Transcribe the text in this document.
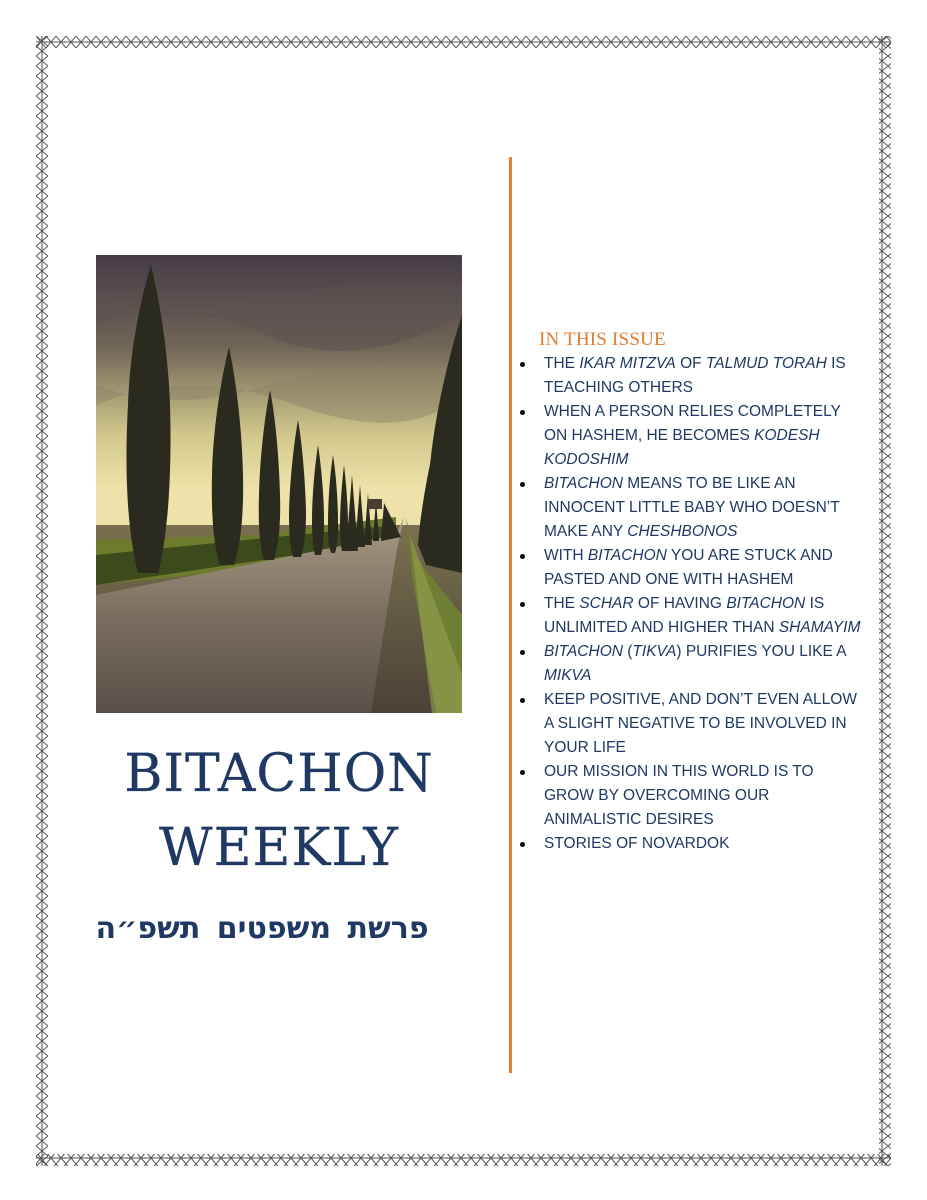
BITACHON
WEEKLY
פרשת משפטים תשפ״ה
IN THIS ISSUE
THE IKAR MITZVA OF TALMUD TORAH IS TEACHING OTHERS
WHEN A PERSON RELIES COMPLETELY ON HASHEM, HE BECOMES KODESH KODOSHIM
BITACHON MEANS TO BE LIKE AN INNOCENT LITTLE BABY WHO DOESN’T MAKE ANY CHESHBONOS
WITH BITACHON YOU ARE STUCK AND PASTED AND ONE WITH HASHEM
THE SCHAR OF HAVING BITACHON IS UNLIMITED AND HIGHER THAN SHAMAYIM
BITACHON (TIKVA) PURIFIES YOU LIKE A MIKVA
KEEP POSITIVE, AND DON’T EVEN ALLOW A SLIGHT NEGATIVE TO BE INVOLVED IN YOUR LIFE
OUR MISSION IN THIS WORLD IS TO GROW BY OVERCOMING OUR ANIMALISTIC DESIRES
STORIES OF NOVARDOK
